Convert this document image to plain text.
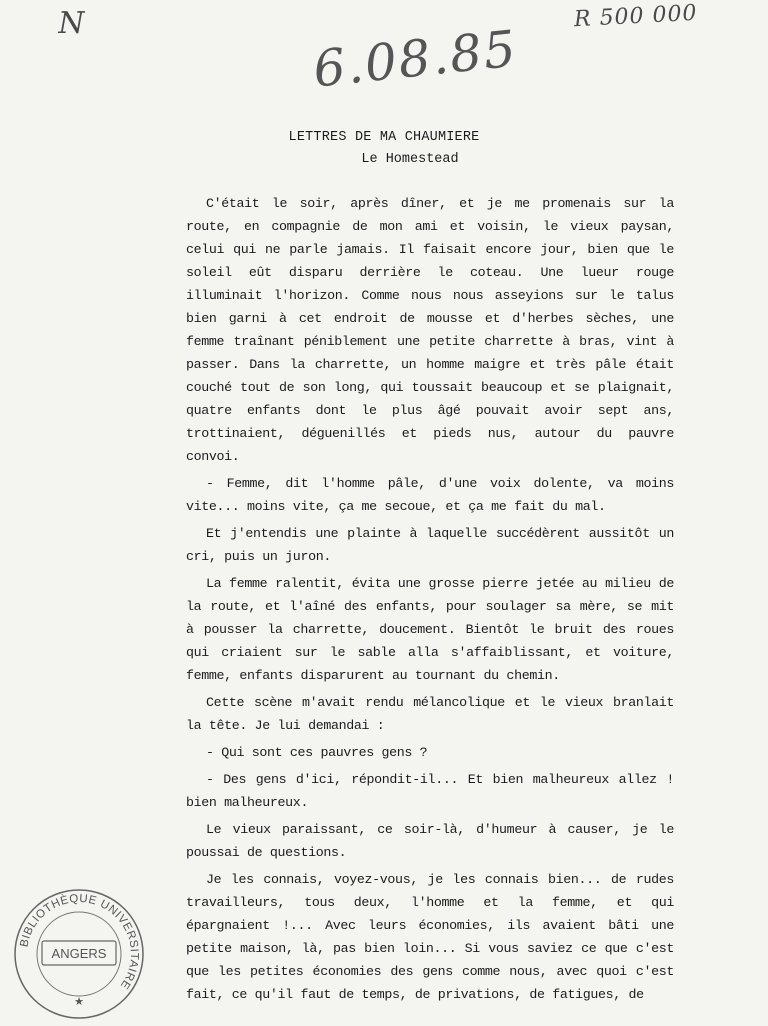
N	R 500 000
6.08.85
LETTRES DE MA CHAUMIERE
Le Homestead

C'était le soir, après dîner, et je me promenais sur la route, en compagnie de mon ami et voisin, le vieux paysan, celui qui ne parle jamais. Il faisait encore jour, bien que le soleil eût disparu derrière le coteau. Une lueur rouge illuminait l'horizon. Comme nous nous asseyions sur le talus bien garni à cet endroit de mousse et d'herbes sèches, une femme traînant péniblement une petite charrette à bras, vint à passer. Dans la charrette, un homme maigre et très pâle était couché tout de son long, qui toussait beaucoup et se plaignait, quatre enfants dont le plus âgé pouvait avoir sept ans, trottinaient, déguenillés et pieds nus, autour du pauvre convoi.

- Femme, dit l'homme pâle, d'une voix dolente, va moins vite... moins vite, ça me secoue, et ça me fait du mal.

Et j'entendis une plainte à laquelle succédèrent aussitôt un cri, puis un juron.

La femme ralentit, évita une grosse pierre jetée au milieu de la route, et l'aîné des enfants, pour soulager sa mère, se mit à pousser la charrette, doucement. Bientôt le bruit des roues qui criaient sur le sable alla s'affaiblissant, et voiture, femme, enfants disparurent au tournant du chemin.

Cette scène m'avait rendu mélancolique et le vieux branlait la tête. Je lui demandai :

- Qui sont ces pauvres gens ?

- Des gens d'ici, répondit-il... Et bien malheureux allez ! bien malheureux.

Le vieux paraissant, ce soir-là, d'humeur à causer, je le poussai de questions.

Je les connais, voyez-vous, je les connais bien... de rudes travailleurs, tous deux, l'homme et la femme, et qui épargnaient !... Avec leurs économies, ils avaient bâti une petite maison, là, pas bien loin... Si vous saviez ce que c'est que les petites économies des gens comme nous, avec quoi c'est fait, ce qu'il faut de temps, de privations, de fatigues, de

BIBLIOTHÈQUE UNIVERSITAIRE
ANGERS
★
